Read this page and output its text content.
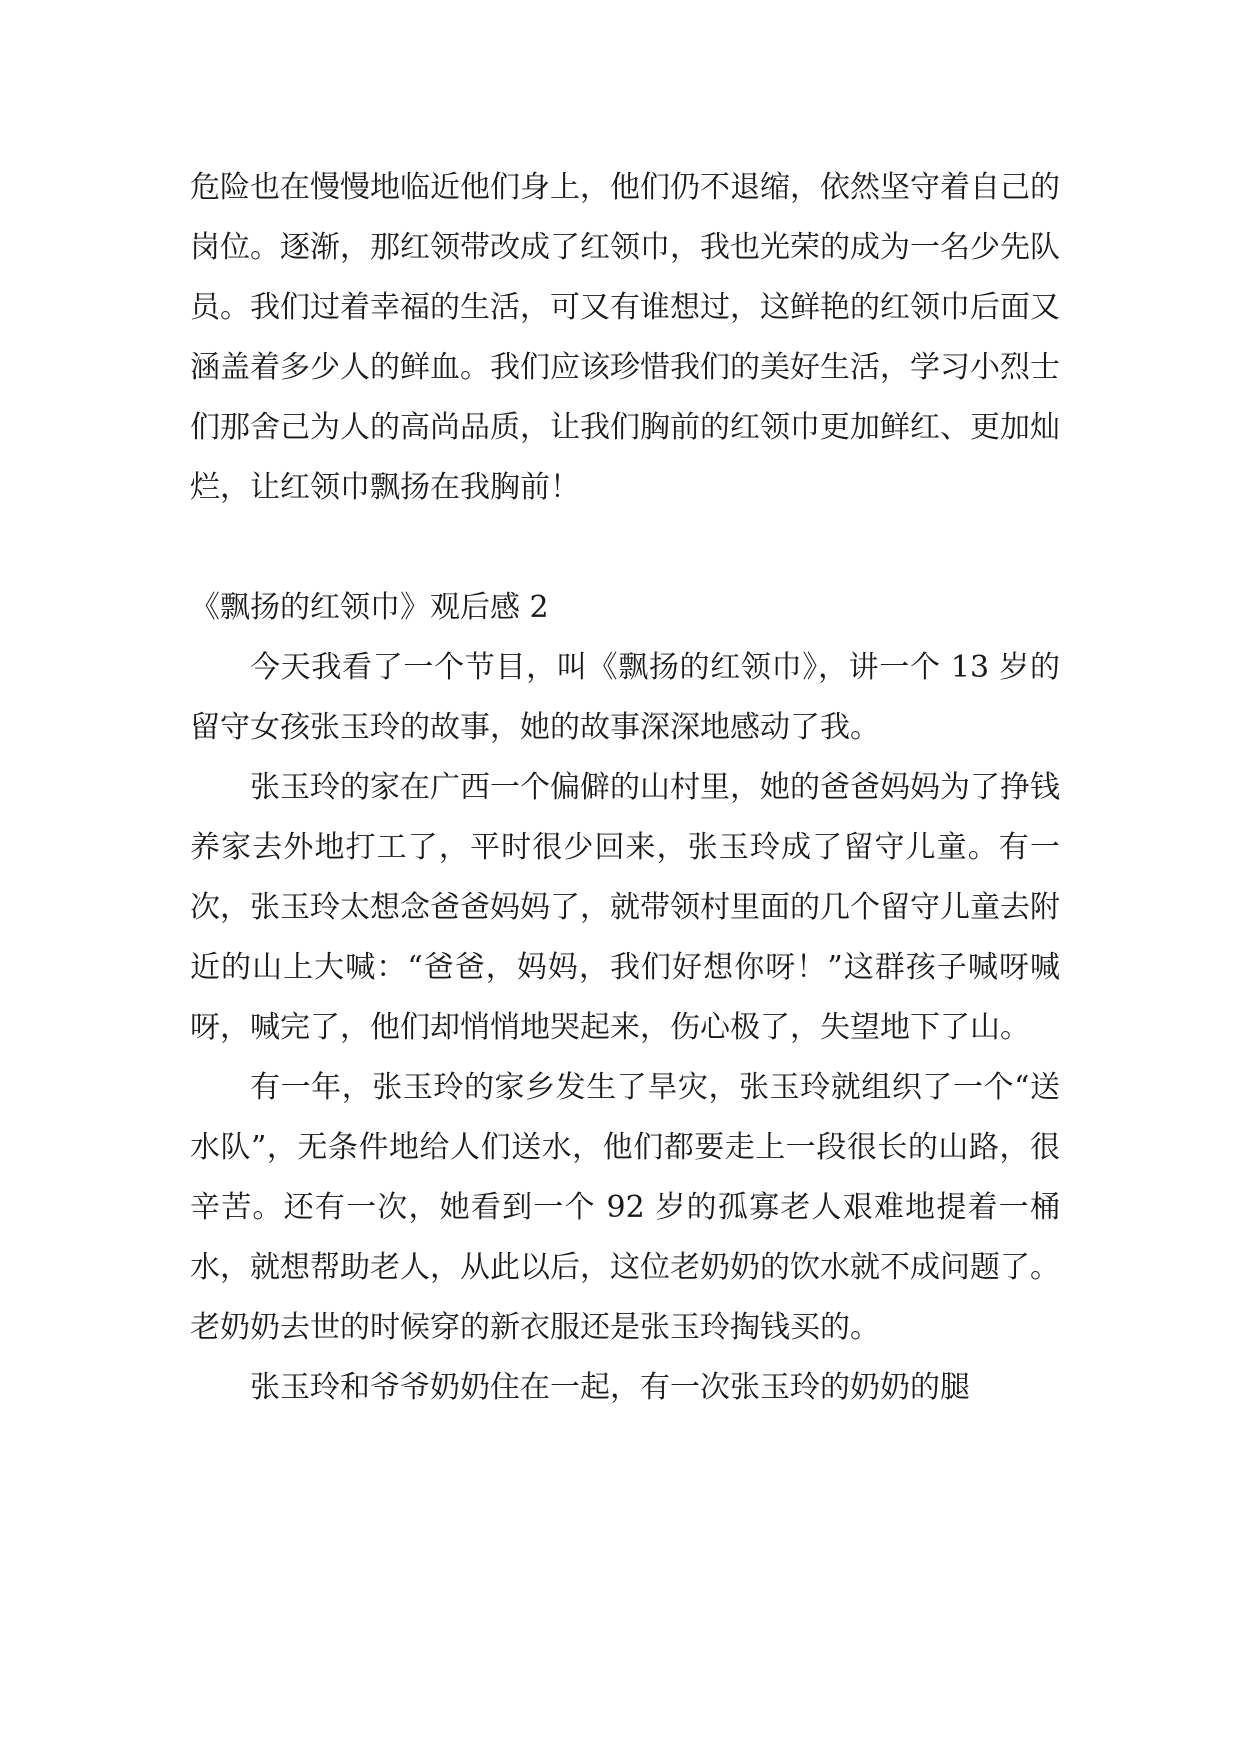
危险也在慢慢地临近他们身上，他们仍不退缩，依然坚守着自己的岗位。逐渐，那红领带改成了红领巾，我也光荣的成为一名少先队员。我们过着幸福的生活，可又有谁想过，这鲜艳的红领巾后面又涵盖着多少人的鲜血。我们应该珍惜我们的美好生活，学习小烈士们那舍己为人的高尚品质，让我们胸前的红领巾更加鲜红、更加灿烂，让红领巾飘扬在我胸前！

《飘扬的红领巾》观后感 2

今天我看了一个节目，叫《飘扬的红领巾》，讲一个 13 岁的留守女孩张玉玲的故事，她的故事深深地感动了我。

张玉玲的家在广西一个偏僻的山村里，她的爸爸妈妈为了挣钱养家去外地打工了，平时很少回来，张玉玲成了留守儿童。有一次，张玉玲太想念爸爸妈妈了，就带领村里面的几个留守儿童去附近的山上大喊：“爸爸，妈妈，我们好想你呀！”这群孩子喊呀喊呀，喊完了，他们却悄悄地哭起来，伤心极了，失望地下了山。

有一年，张玉玲的家乡发生了旱灾，张玉玲就组织了一个“送水队”，无条件地给人们送水，他们都要走上一段很长的山路，很辛苦。还有一次，她看到一个 92 岁的孤寡老人艰难地提着一桶水，就想帮助老人，从此以后，这位老奶奶的饮水就不成问题了。老奶奶去世的时候穿的新衣服还是张玉玲掏钱买的。

张玉玲和爷爷奶奶住在一起，有一次张玉玲的奶奶的腿
